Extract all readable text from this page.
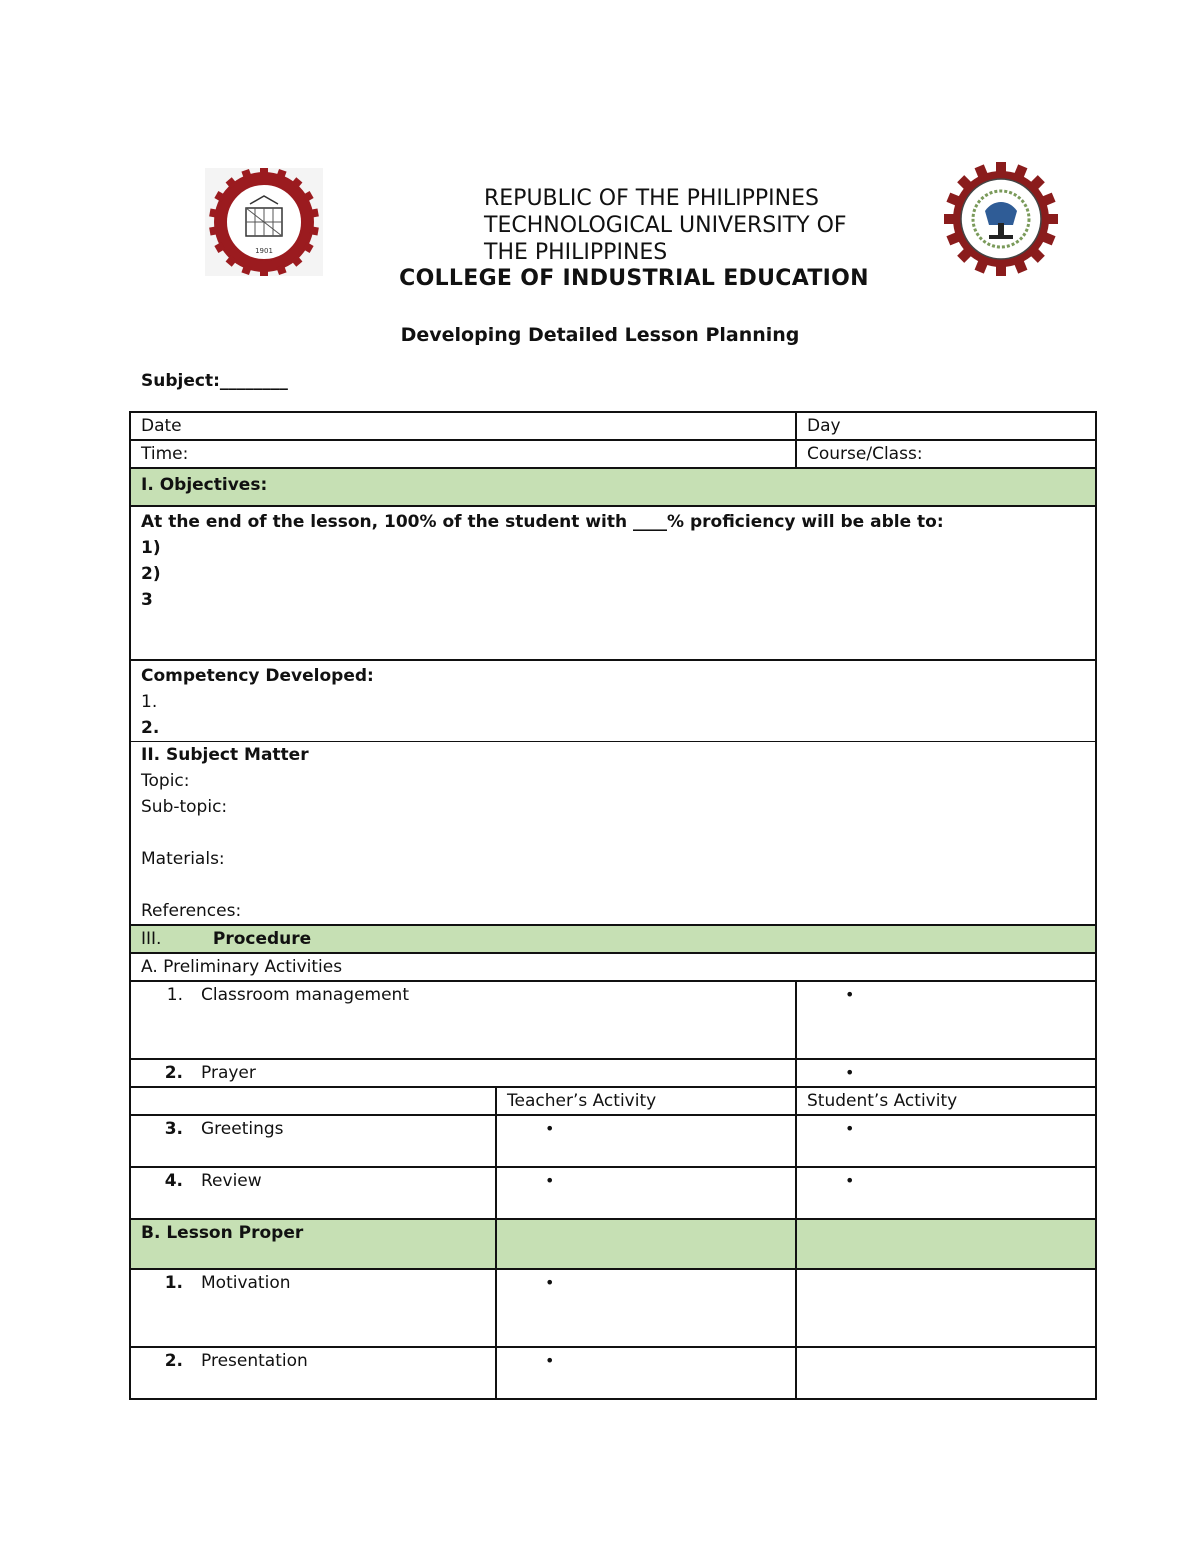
1901
REPUBLIC OF THE PHILIPPINES
TECHNOLOGICAL UNIVERSITY OF
THE PHILIPPINES
COLLEGE OF INDUSTRIAL EDUCATION
Developing Detailed Lesson Planning
Subject:________
Date		Day
Time:		Course/Class:
I. Objectives:		

At the end of the lesson, 100% of the student with ____% proficiency will be able to:
1)
2)
3		

Competency Developed:
1.
2.		

II. Subject Matter
Topic:
Sub-topic:
Materials:
References:		

III. Procedure		
A. Preliminary Activities		
1. Classroom management		•
2. Prayer		•
	Teacher’s Activity	Student’s Activity
3. Greetings	•	•
4. Review	•	•
B. Lesson Proper		
1. Motivation	•	
2. Presentation	•	
